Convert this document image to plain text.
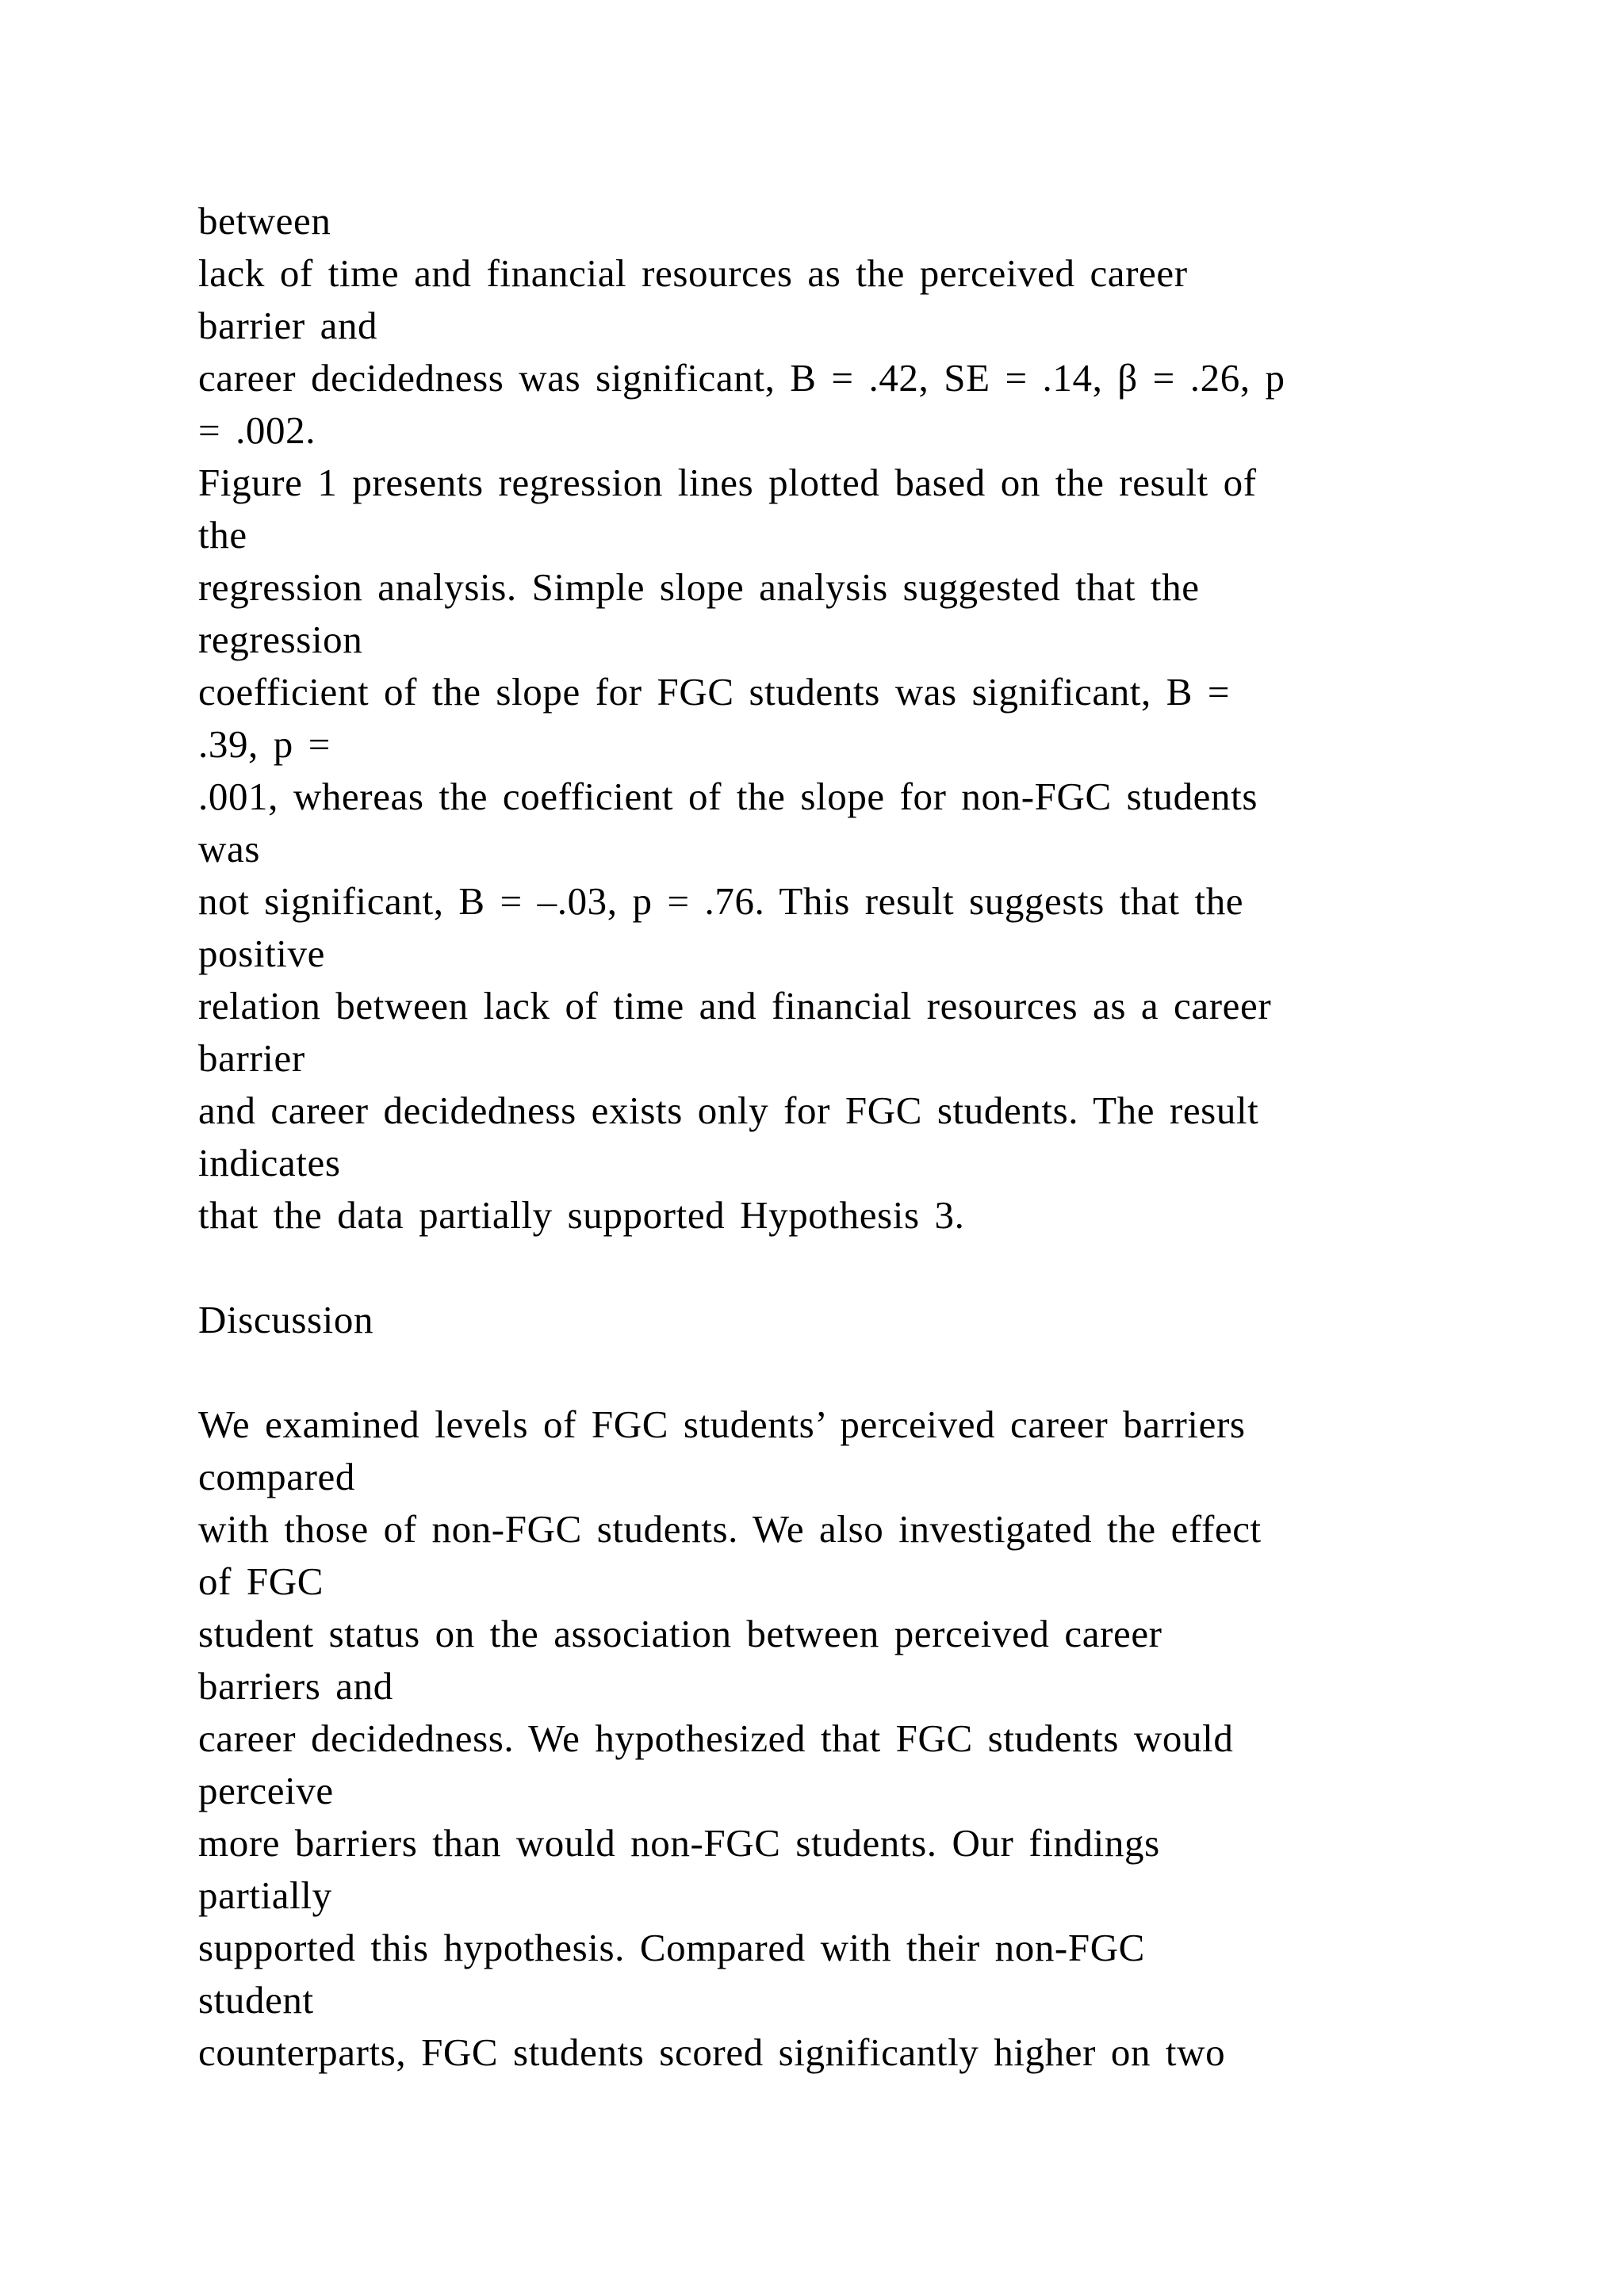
between
lack of time and financial resources as the perceived career
barrier and
career decidedness was significant, B = .42, SE = .14, β = .26, p
= .002.
Figure 1 presents regression lines plotted based on the result of
the
regression analysis. Simple slope analysis suggested that the
regression
coefficient of the slope for FGC students was significant, B =
.39, p =
.001, whereas the coefficient of the slope for non-FGC students
was
not significant, B = –.03, p = .76. This result suggests that the
positive
relation between lack of time and financial resources as a career
barrier
and career decidedness exists only for FGC students. The result
indicates
that the data partially supported Hypothesis 3.
Discussion
We examined levels of FGC students’ perceived career barriers
compared
with those of non-FGC students. We also investigated the effect
of FGC
student status on the association between perceived career
barriers and
career decidedness. We hypothesized that FGC students would
perceive
more barriers than would non-FGC students. Our findings
partially
supported this hypothesis. Compared with their non-FGC
student
counterparts, FGC students scored significantly higher on two
